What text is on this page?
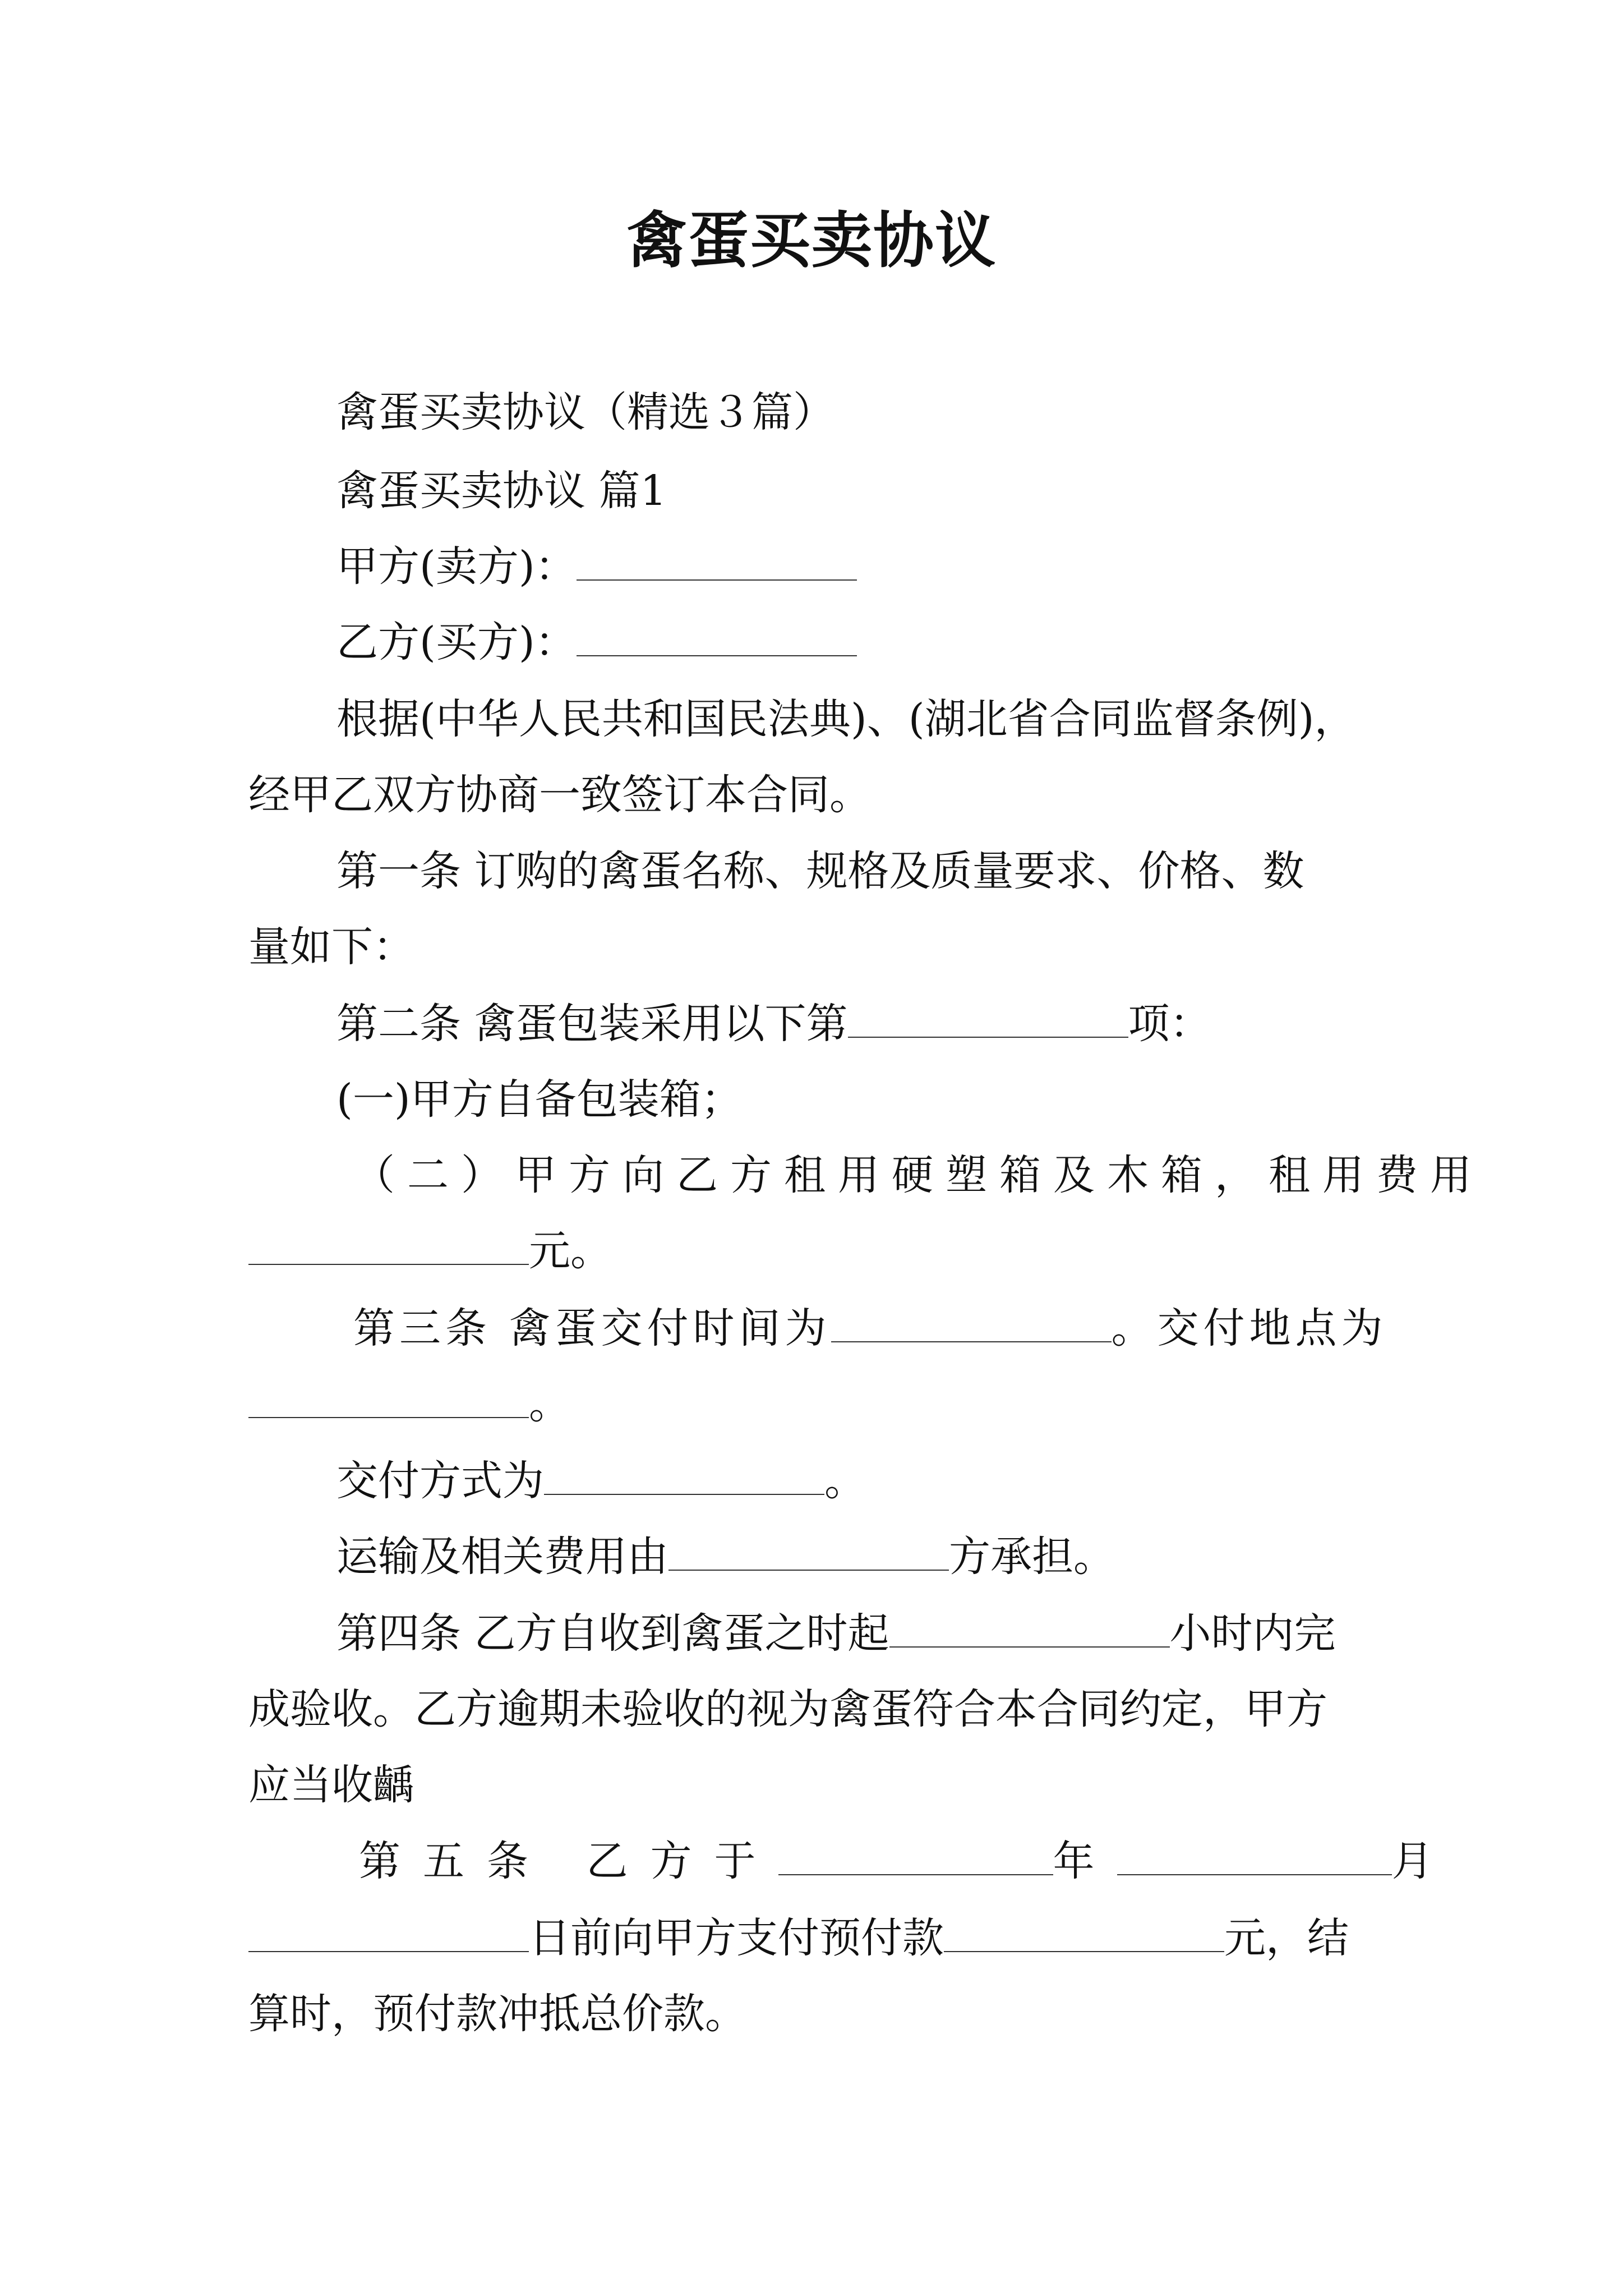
禽蛋买卖协议
禽蛋买卖协议（精选３篇）
禽蛋买卖协议 篇1
甲方(卖方)：
乙方(买方)：
根据(中华人民共和国民法典)、(湖北省合同监督条例)，
经甲乙双方协商一致签订本合同。
第一条 订购的禽蛋名称、规格及质量要求、价格、数
量如下：
第二条 禽蛋包装采用以下第	项：
(一)甲方自备包装箱；
（二）甲方向乙方租用硬塑箱及木箱，租用费用
元。
第三条 禽蛋交付时间为	。交付地点为
。
交付方式为	。
运输及相关费用由	方承担。
第四条 乙方自收到禽蛋之时起	小时内完
成验收。乙方逾期未验收的视为禽蛋符合本合同约定，甲方
应当收齲
第五条 乙方于	年	月
日前向甲方支付预付款	元，结
算时，预付款冲抵总价款。
